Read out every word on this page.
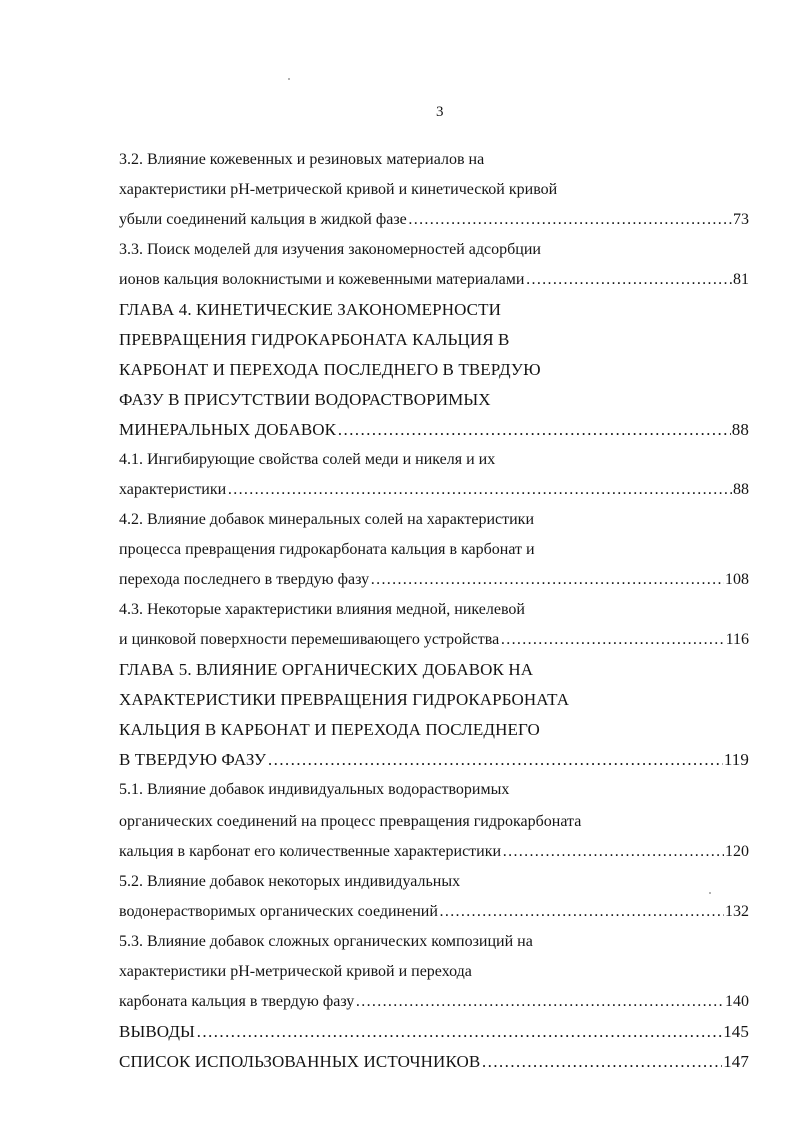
3
3.2. Влияние кожевенных и резиновых материалов на
характеристики pH-метрической кривой и кинетической кривой
убыли соединений кальция в жидкой фазе …………………………………………………………………………………………………………………………………………………………	73
3.3. Поиск моделей для изучения закономерностей адсорбции
ионов кальция волокнистыми и кожевенными материалами …………………………………………………………………………………………………………………………………………………………	81
ГЛАВА 4. КИНЕТИЧЕСКИЕ ЗАКОНОМЕРНОСТИ
ПРЕВРАЩЕНИЯ ГИДРОКАРБОНАТА КАЛЬЦИЯ В
КАРБОНАТ И ПЕРЕХОДА ПОСЛЕДНЕГО В ТВЕРДУЮ
ФАЗУ В ПРИСУТСТВИИ ВОДОРАСТВОРИМЫХ
МИНЕРАЛЬНЫХ ДОБАВОК …………………………………………………………………………………………………………………………………………………………	88
4.1. Ингибирующие свойства солей меди и никеля и их
характеристики …………………………………………………………………………………………………………………………………………………………	88
4.2. Влияние добавок минеральных солей на характеристики
процесса превращения гидрокарбоната кальция в карбонат и
перехода последнего в твердую фазу …………………………………………………………………………………………………………………………………………………………	108
4.3. Некоторые характеристики влияния медной, никелевой
и цинковой поверхности перемешивающего устройства …………………………………………………………………………………………………………………………………………………………	116
ГЛАВА 5. ВЛИЯНИЕ ОРГАНИЧЕСКИХ ДОБАВОК НА
ХАРАКТЕРИСТИКИ ПРЕВРАЩЕНИЯ ГИДРОКАРБОНАТА
КАЛЬЦИЯ В КАРБОНАТ И ПЕРЕХОДА ПОСЛЕДНЕГО
В ТВЕРДУЮ ФАЗУ …………………………………………………………………………………………………………………………………………………………	119
5.1. Влияние добавок индивидуальных водорастворимых
органических соединений на процесс превращения гидрокарбоната
кальция в карбонат его количественные характеристики …………………………………………………………………………………………………………………………………………………………	120
5.2. Влияние добавок некоторых индивидуальных
водонерастворимых органических соединений …………………………………………………………………………………………………………………………………………………………	132
5.3. Влияние добавок сложных органических композиций на
характеристики pH-метрической кривой и перехода
карбоната кальция в твердую фазу …………………………………………………………………………………………………………………………………………………………	140
ВЫВОДЫ …………………………………………………………………………………………………………………………………………………………	145
СПИСОК ИСПОЛЬЗОВАННЫХ ИСТОЧНИКОВ …………………………………………………………………………………………………………………………………………………………	147
